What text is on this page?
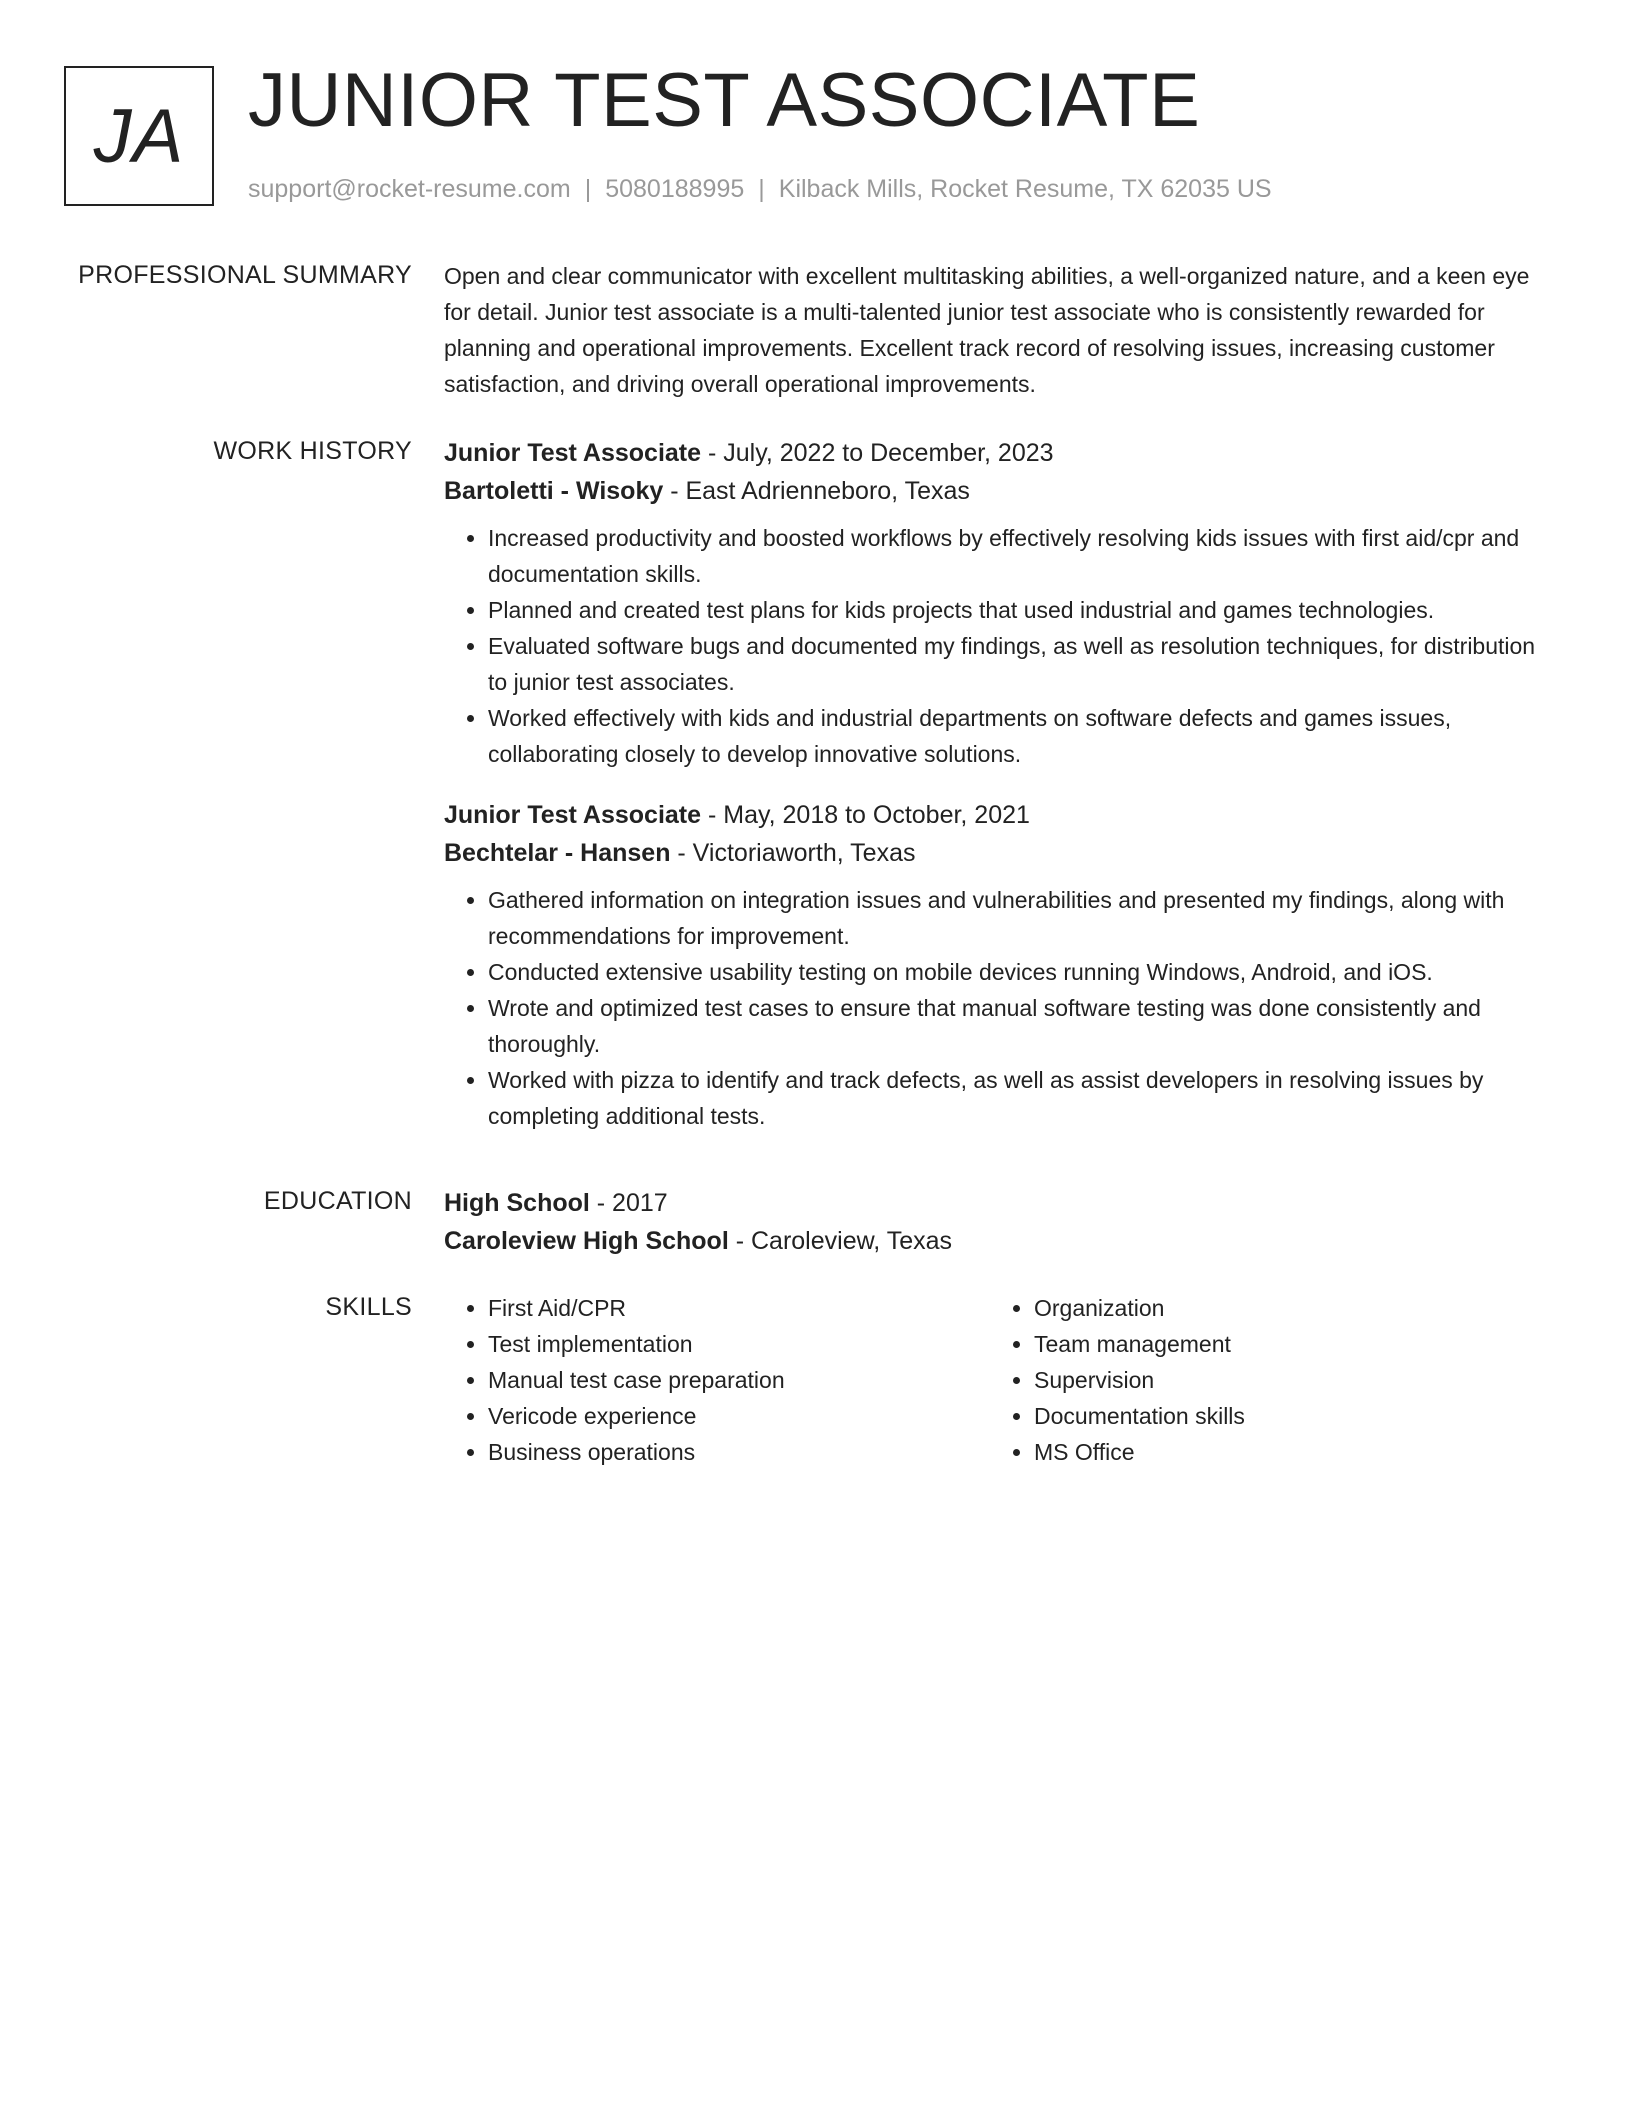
JA JUNIOR TEST ASSOCIATE
support@rocket-resume.com | 5080188995 | Kilback Mills, Rocket Resume, TX 62035 US
PROFESSIONAL SUMMARY Open and clear communicator with excellent multitasking abilities, a well-organized nature, and a keen eye for detail. Junior test associate is a multi-talented junior test associate who is consistently rewarded for planning and operational improvements. Excellent track record of resolving issues, increasing customer satisfaction, and driving overall operational improvements.

WORK HISTORY Junior Test Associate - July, 2022 to December, 2023
Bartoletti - Wisoky - East Adrienneboro, Texas
• Increased productivity and boosted workflows by effectively resolving kids issues with first aid/cpr and documentation skills.
• Planned and created test plans for kids projects that used industrial and games technologies.
• Evaluated software bugs and documented my findings, as well as resolution techniques, for distribution to junior test associates.
• Worked effectively with kids and industrial departments on software defects and games issues, collaborating closely to develop innovative solutions.
Junior Test Associate - May, 2018 to October, 2021
Bechtelar - Hansen - Victoriaworth, Texas
• Gathered information on integration issues and vulnerabilities and presented my findings, along with recommendations for improvement.
• Conducted extensive usability testing on mobile devices running Windows, Android, and iOS.
• Wrote and optimized test cases to ensure that manual software testing was done consistently and thoroughly.
• Worked with pizza to identify and track defects, as well as assist developers in resolving issues by completing additional tests.
EDUCATION High School - 2017
Caroleview High School - Caroleview, Texas
SKILLS
•	First Aid/CPR
• Test implementation
• Manual test case preparation
• Vericode experience
• Business operations
• Organization
• Team management
• Supervision
• Documentation skills
• MS Office
